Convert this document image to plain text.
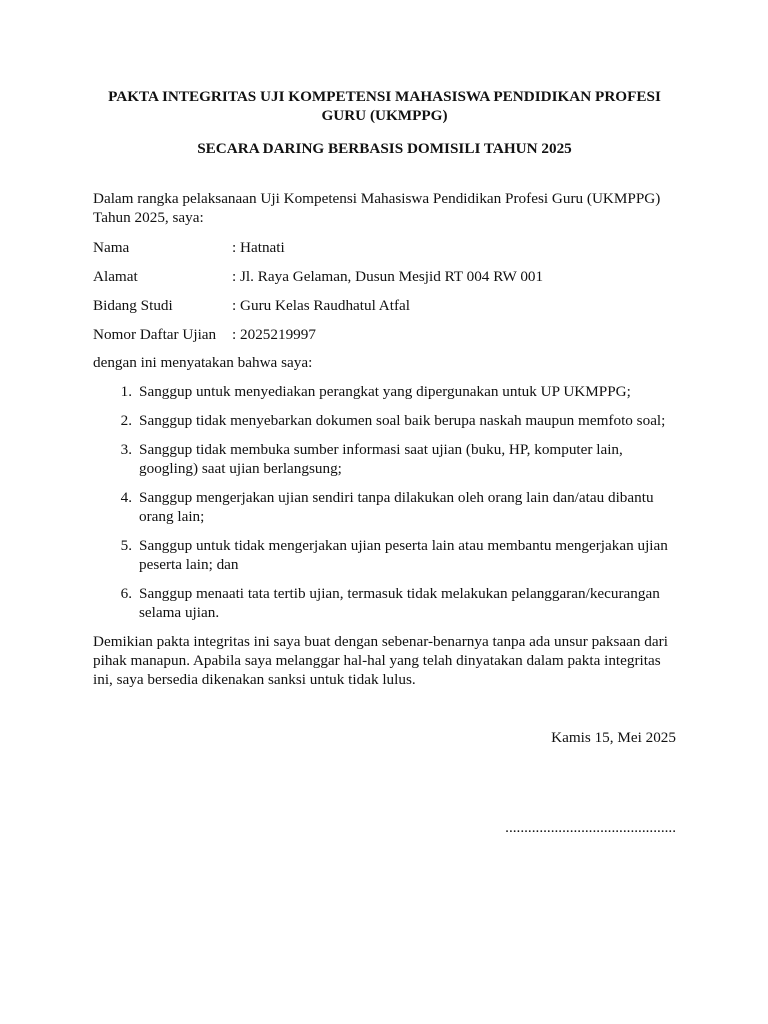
PAKTA INTEGRITAS UJI KOMPETENSI MAHASISWA PENDIDIKAN PROFESI GURU (UKMPPG)

SECARA DARING BERBASIS DOMISILI TAHUN 2025

Dalam rangka pelaksanaan Uji Kompetensi Mahasiswa Pendidikan Profesi Guru (UKMPPG) Tahun 2025, saya:

Nama	: Hatnati
Alamat	: Jl. Raya Gelaman, Dusun Mesjid RT 004 RW 001
Bidang Studi	: Guru Kelas Raudhatul Atfal
Nomor Daftar Ujian	: 2025219997

dengan ini menyatakan bahwa saya:

1. Sanggup untuk menyediakan perangkat yang dipergunakan untuk UP UKMPPG;
2. Sanggup tidak menyebarkan dokumen soal baik berupa naskah maupun memfoto soal;
3. Sanggup tidak membuka sumber informasi saat ujian (buku, HP, komputer lain, googling) saat ujian berlangsung;
4. Sanggup mengerjakan ujian sendiri tanpa dilakukan oleh orang lain dan/atau dibantu orang lain;
5. Sanggup untuk tidak mengerjakan ujian peserta lain atau membantu mengerjakan ujian peserta lain; dan
6. Sanggup menaati tata tertib ujian, termasuk tidak melakukan pelanggaran/kecurangan selama ujian.

Demikian pakta integritas ini saya buat dengan sebenar-benarnya tanpa ada unsur paksaan dari pihak manapun. Apabila saya melanggar hal-hal yang telah dinyatakan dalam pakta integritas ini, saya bersedia dikenakan sanksi untuk tidak lulus.

Kamis 15, Mei 2025

.............................................
